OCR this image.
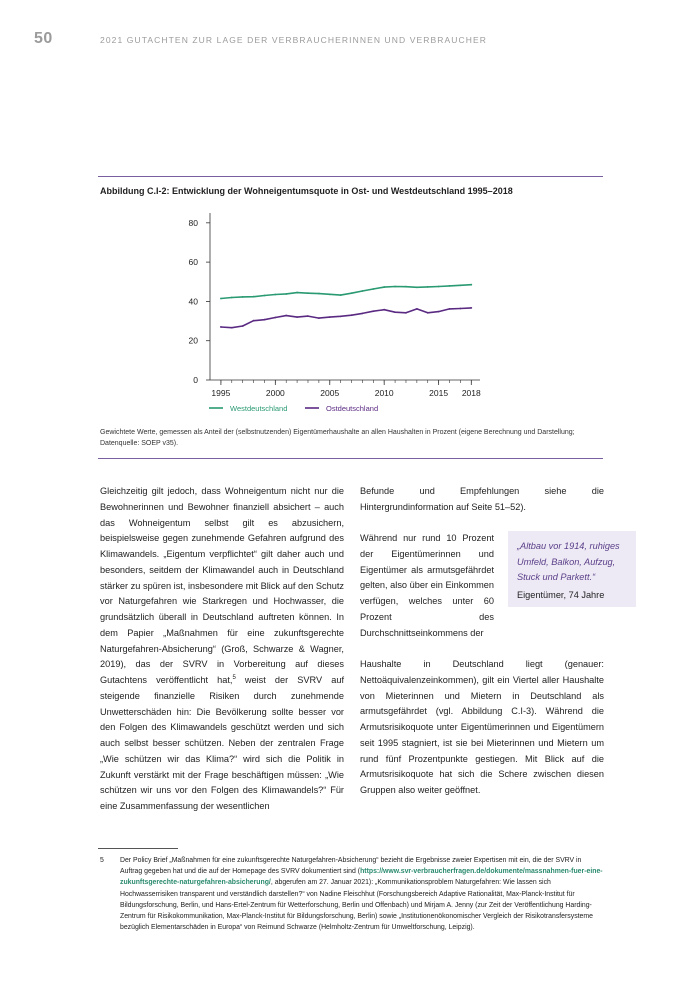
50	2021 GUTACHTEN ZUR LAGE DER VERBRAUCHERINNEN UND VERBRAUCHER
Abbildung C.I-2: Entwicklung der Wohneigentumsquote in Ost- und Westdeutschland 1995–2018
0
20
40
60
80
1995	2000	2005	2010	2015 2018
Westdeutschland	Ostdeutschland
Gewichtete Werte, gemessen als Anteil der (selbstnutzenden) Eigentümerhaushalte an allen Haushalten in Prozent (eigene Berechnung und Darstellung; Datenquelle: SOEP v35).

Gleichzeitig gilt jedoch, dass Wohneigentum nicht nur die Bewohnerinnen und Bewohner finanziell absichert – auch das Wohneigentum selbst gilt es abzusichern, beispielsweise gegen zunehmende Gefahren aufgrund des Klimawandels. „Eigentum verpflichtet“ gilt daher auch und besonders, seitdem der Klimawandel auch in Deutschland stärker zu spüren ist, insbesondere mit Blick auf den Schutz vor Naturgefahren wie Starkregen und Hochwasser, die grundsätzlich überall in Deutschland auftreten können. In dem Papier „Maßnahmen für eine zukunftsgerechte Naturgefahren-Absicherung“ (Groß, Schwarze & Wagner, 2019), das der SVRV in Vorbereitung auf dieses Gutachtens veröffentlicht hat,$^5$ weist der SVRV auf steigende finanzielle Risiken durch zunehmende Unwetterschäden hin: Die Bevölkerung sollte besser vor den Folgen des Klimawandels geschützt werden und sich auch selbst besser schützen. Neben der zentralen Frage „Wie schützen wir das Klima?“ wird sich die Politik in Zukunft verstärkt mit der Frage beschäftigen müssen: „Wie schützen wir uns vor den Folgen des Klimawandels?“ Für eine Zusammenfassung der wesentlichen

Befunde und Empfehlungen siehe die Hintergrundinformation auf Seite 51–52).

Während nur rund 10 Prozent der Eigentümerinnen und Eigentümer als armutsgefährdet gelten, also über ein Einkommen verfügen, welches unter 60 Prozent des Durchschnittseinkommens der

„Altbau vor 1914, ruhiges Umfeld, Balkon, Aufzug, Stuck und Parkett.“
Eigentümer, 74 Jahre

Haushalte in Deutschland liegt (genauer: Nettoäquivalenzeinkommen), gilt ein Viertel aller Haushalte von Mieterinnen und Mietern in Deutschland als armutsgefährdet (vgl. Abbildung C.I-3). Während die Armutsrisikoquote unter Eigentümerinnen und Eigentümern seit 1995 stagniert, ist sie bei Mieterinnen und Mietern um rund fünf Prozentpunkte gestiegen. Mit Blick auf die Armutsrisikoquote hat sich die Schere zwischen diesen Gruppen also weiter geöffnet.

5 Der Policy Brief „Maßnahmen für eine zukunftsgerechte Naturgefahren-Absicherung“ bezieht die Ergebnisse zweier Expertisen mit ein, die der SVRV in Auftrag gegeben hat und die auf der Homepage des SVRV dokumentiert sind (https://www.svr-verbraucherfragen.de/dokumente/massnahmen-fuer-eine-zukunftsgerechte-naturgefahren-absicherung/, abgerufen am 27. Januar 2021): „Kommunikationsproblem Naturgefahren: Wie lassen sich Hochwasserrisiken transparent und verständlich darstellen?“ von Nadine Fleischhut (Forschungsbereich Adaptive Rationalität, Max-Planck-Institut für Bildungsforschung, Berlin, und Hans-Ertel-Zentrum für Wetterforschung, Berlin und Offenbach) und Mirjam A. Jenny (zur Zeit der Veröffentlichung Harding-Zentrum für Risikokommunikation, Max-Planck-Institut für Bildungsforschung, Berlin) sowie „Institutionenökonomischer Vergleich der Risikotransfersysteme bezüglich Elementarschäden in Europa“ von Reimund Schwarze (Helmholtz-Zentrum für Umweltforschung, Leipzig).
